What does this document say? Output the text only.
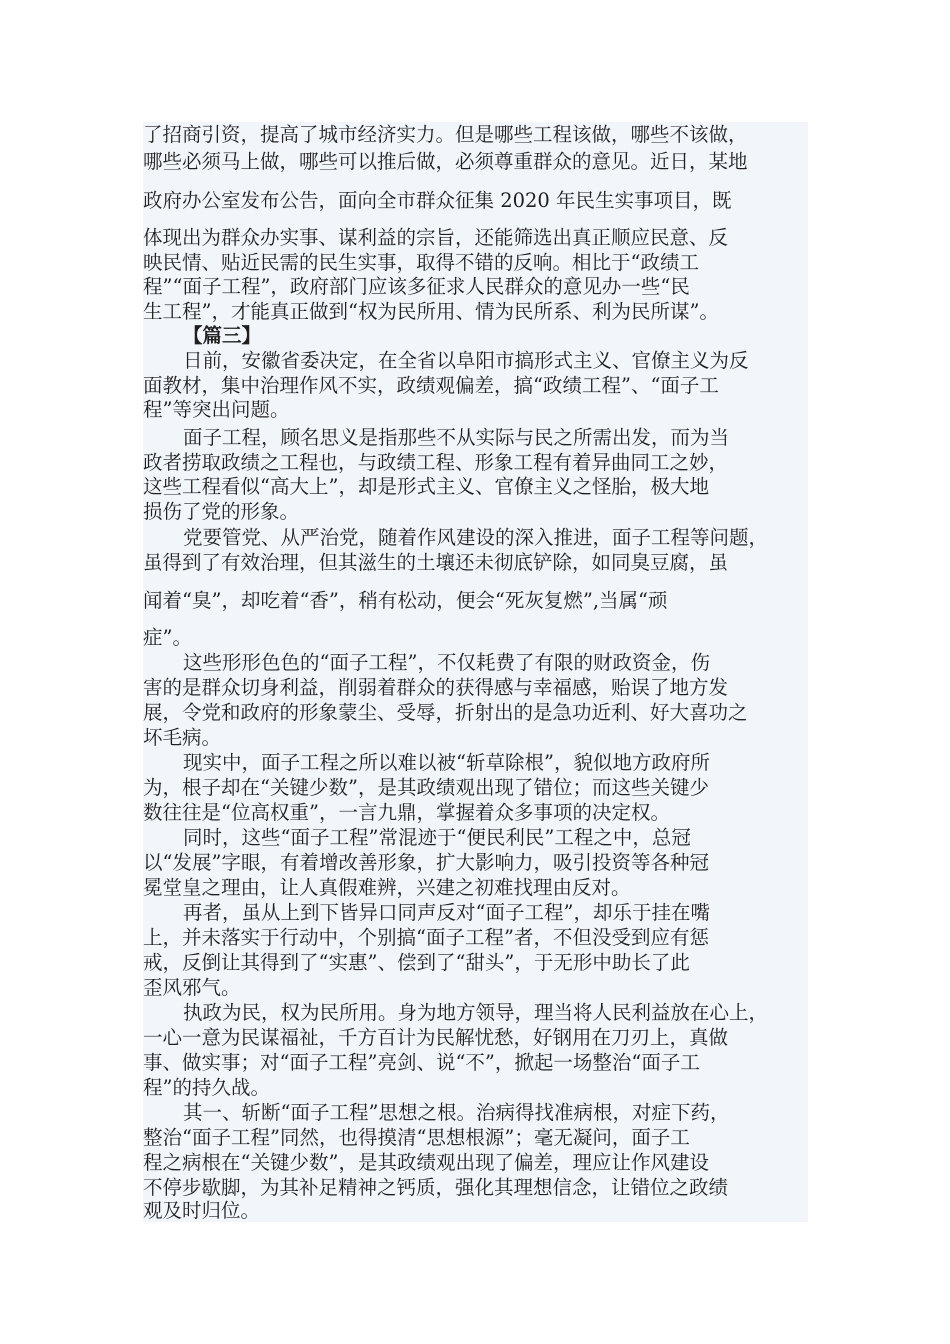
了招商引资，提高了城市经济实力。但是哪些工程该做，哪些不该做，
哪些必须马上做，哪些可以推后做，必须尊重群众的意见。近日，某地
政府办公室发布公告，面向全市群众征集 2020 年民生实事项目，既
体现出为群众办实事、谋利益的宗旨，还能筛选出真正顺应民意、反
映民情、贴近民需的民生实事，取得不错的反响。相比于“政绩工
程”“面子工程”，政府部门应该多征求人民群众的意见办一些“民
生工程”，才能真正做到“权为民所用、情为民所系、利为民所谋”。
【篇三】
日前，安徽省委决定，在全省以阜阳市搞形式主义、官僚主义为反
面教材，集中治理作风不实，政绩观偏差，搞“政绩工程”、“面子工
程”等突出问题。
面子工程，顾名思义是指那些不从实际与民之所需出发，而为当
政者捞取政绩之工程也，与政绩工程、形象工程有着异曲同工之妙，
这些工程看似“高大上”，却是形式主义、官僚主义之怪胎，极大地
损伤了党的形象。
党要管党、从严治党，随着作风建设的深入推进，面子工程等问题，
虽得到了有效治理，但其滋生的土壤还未彻底铲除，如同臭豆腐，虽
闻着“臭”，却吃着“香”，稍有松动，便会“死灰复燃”,当属“顽
症”。
这些形形色色的“面子工程”，不仅耗费了有限的财政资金，伤
害的是群众切身利益，削弱着群众的获得感与幸福感，贻误了地方发
展，令党和政府的形象蒙尘、受辱，折射出的是急功近利、好大喜功之
坏毛病。
现实中，面子工程之所以难以被“斩草除根”，貌似地方政府所
为，根子却在“关键少数”，是其政绩观出现了错位；而这些关键少
数往往是“位高权重”，一言九鼎，掌握着众多事项的决定权。
同时，这些“面子工程”常混迹于“便民利民”工程之中，总冠
以“发展”字眼，有着增改善形象，扩大影响力，吸引投资等各种冠
冕堂皇之理由，让人真假难辨，兴建之初难找理由反对。
再者，虽从上到下皆异口同声反对“面子工程”，却乐于挂在嘴
上，并未落实于行动中，个别搞“面子工程”者，不但没受到应有惩
戒，反倒让其得到了“实惠”、偿到了“甜头”，于无形中助长了此
歪风邪气。
执政为民，权为民所用。身为地方领导，理当将人民利益放在心上，
一心一意为民谋福祉，千方百计为民解忧愁，好钢用在刀刃上，真做
事、做实事；对“面子工程”亮剑、说“不”，掀起一场整治“面子工
程”的持久战。
其一、斩断“面子工程”思想之根。治病得找准病根，对症下药，
整治“面子工程”同然，也得摸清“思想根源”；毫无凝问，面子工
程之病根在“关键少数”，是其政绩观出现了偏差，理应让作风建设
不停步歇脚，为其补足精神之钙质，强化其理想信念，让错位之政绩
观及时归位。
